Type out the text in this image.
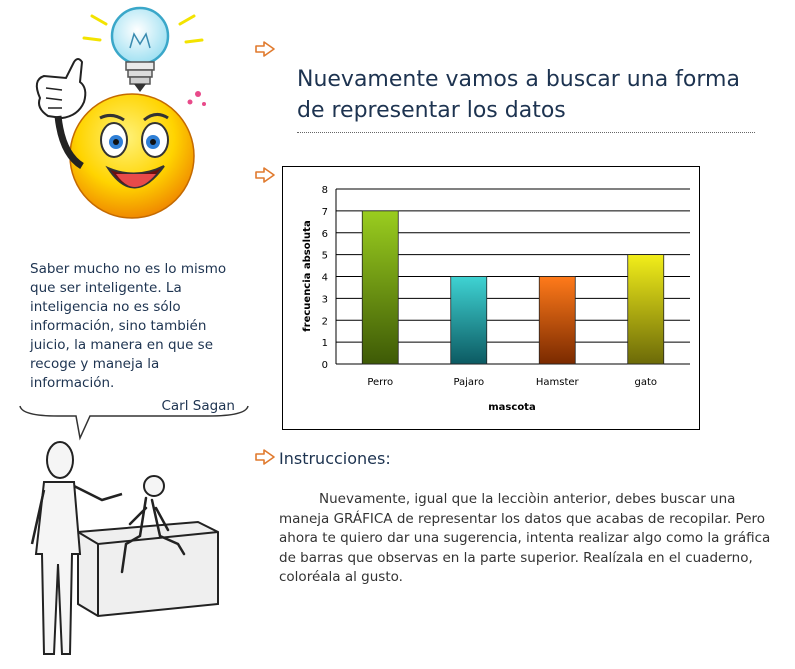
Saber mucho no es lo mismo que ser inteligente. La inteligencia no es sólo información, sino también juicio, la manera en que se recoge y maneja la información.
Carl Sagan
Nuevamente vamos a buscar una forma de representar los datos
0
1
2
3
4
5
6
7
8
Perro	Pajaro	Hamster	gato
frecuencia absoluta
mascota
Instrucciones:
Nuevamente, igual que la lecciòin anterior, debes buscar una maneja GRÁFICA de representar los datos que acabas de recopilar. Pero ahora te quiero dar una sugerencia, intenta realizar algo como la gráfica de barras que observas en la parte superior. Realízala en el cuaderno, coloréala al gusto.
